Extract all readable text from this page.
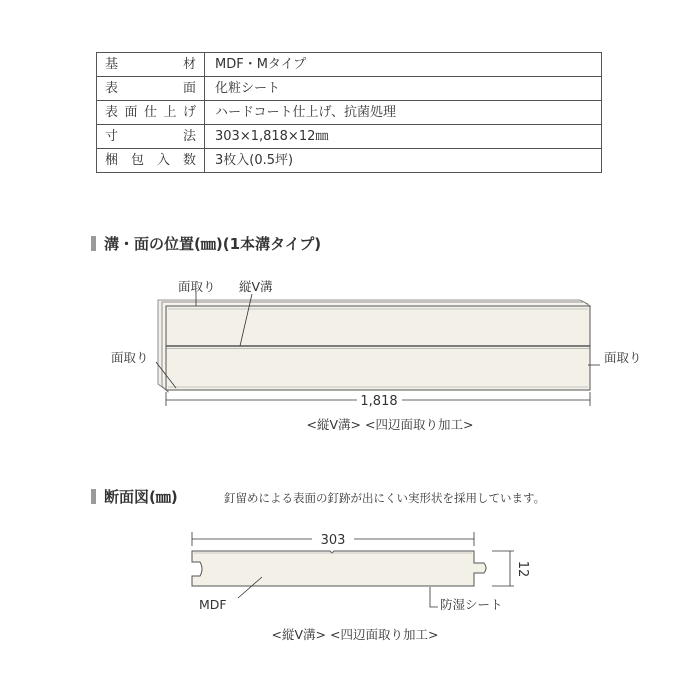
基材	MDF・Mタイプ
表面	化粧シート
表面仕上げ	ハードコート仕上げ、抗菌処理
寸法	303×1,818×12㎜
梱包入数	3枚入(0.5坪)
溝・面の位置(㎜)(1本溝タイプ)
断面図(㎜)	釘留めによる表面の釘跡が出にくい実形状を採用しています。
面取り 縦V溝
面取り	面取り
1,818
<縦V溝> <四辺面取り加工>
303
12
MDF	防湿シート
<縦V溝> <四辺面取り加工>
